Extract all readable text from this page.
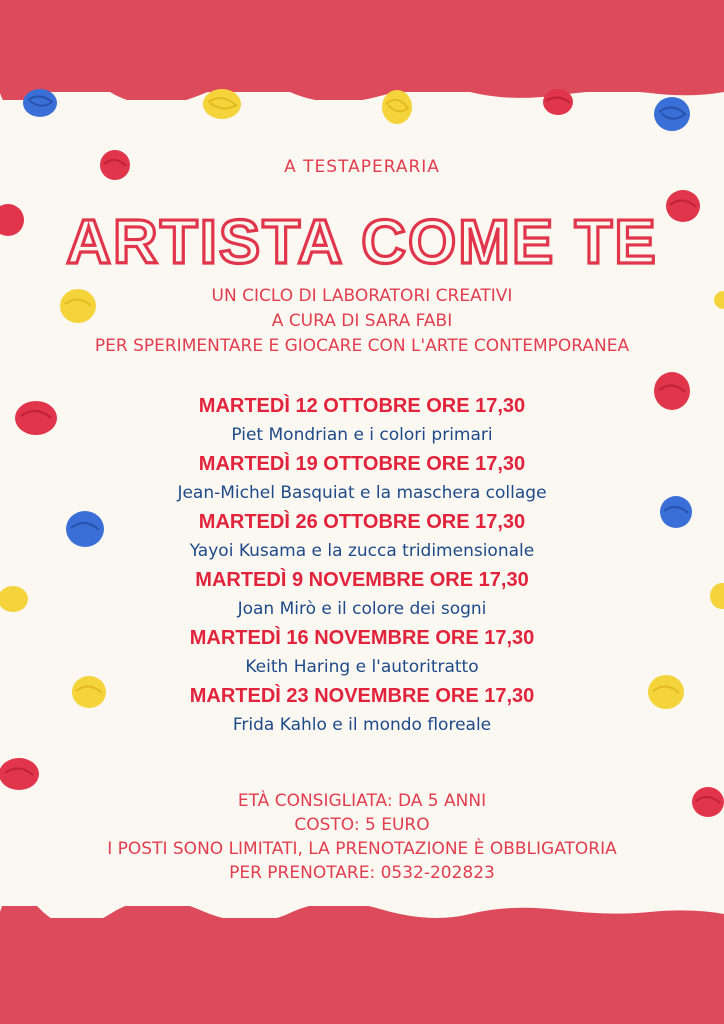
A TESTAPERARIA
ARTISTA COME TE
UN CICLO DI LABORATORI CREATIVI
A CURA DI SARA FABI
PER SPERIMENTARE E GIOCARE CON L'ARTE CONTEMPORANEA
MARTEDÌ 12 OTTOBRE ORE 17,30
Piet Mondrian e i colori primari
MARTEDÌ 19 OTTOBRE ORE 17,30
Jean-Michel Basquiat e la maschera collage
MARTEDÌ 26 OTTOBRE ORE 17,30
Yayoi Kusama e la zucca tridimensionale
MARTEDÌ 9 NOVEMBRE ORE 17,30
Joan Mirò e il colore dei sogni
MARTEDÌ 16 NOVEMBRE ORE 17,30
Keith Haring e l'autoritratto
MARTEDÌ 23 NOVEMBRE ORE 17,30
Frida Kahlo e il mondo floreale
ETÀ CONSIGLIATA: DA 5 ANNI
COSTO: 5 EURO
I POSTI SONO LIMITATI, LA PRENOTAZIONE È OBBLIGATORIA
PER PRENOTARE: 0532-202823
